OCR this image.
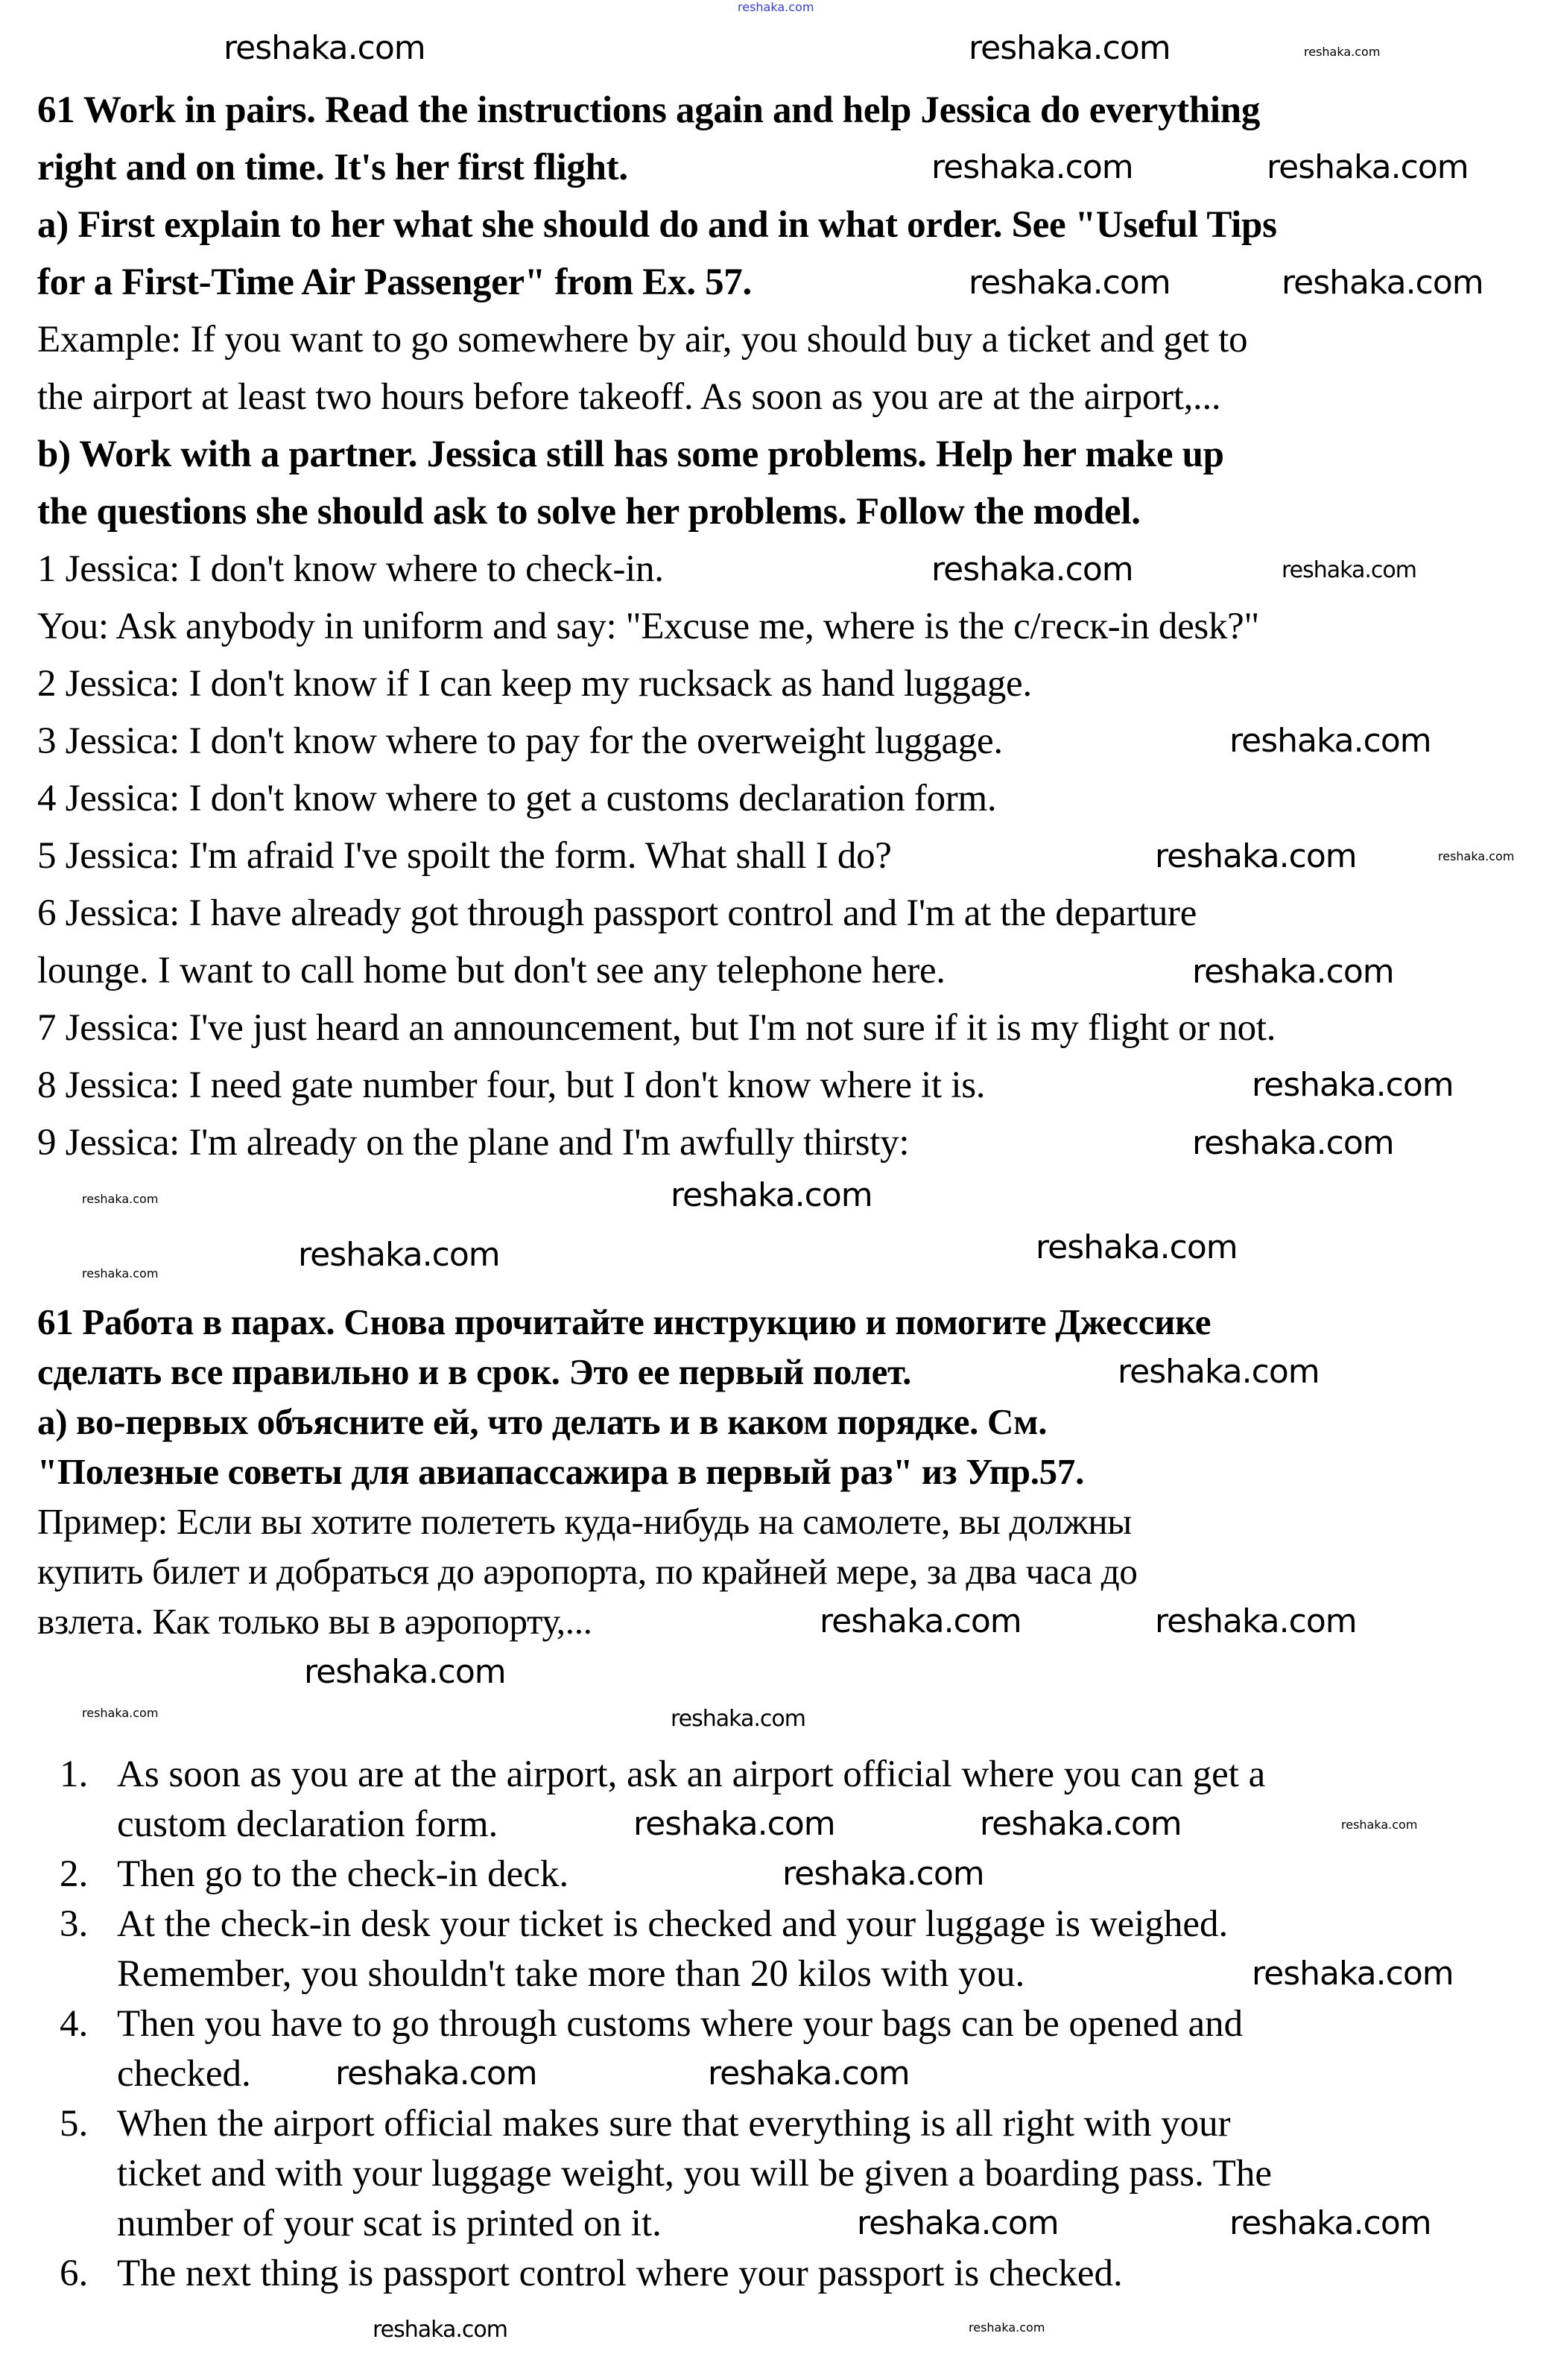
reshaka.com
61 Work in pairs. Read the instructions again and help Jessica do everything
right and on time. It's her first flight.
a) First explain to her what she should do and in what order. See "Useful Tips
for a First-Time Air Passenger" from Ex. 57.
Example: If you want to go somewhere by air, you should buy a ticket and get to
the airport at least two hours before takeoff. As soon as you are at the airport,...
b) Work with a partner. Jessica still has some problems. Help her make up
the questions she should ask to solve her problems. Follow the model.
1 Jessica: I don't know where to check-in.
You: Ask anybody in uniform and say: "Excuse me, where is the с/геск-in desk?"
2 Jessica: I don't know if I can keep my rucksack as hand luggage.
3 Jessica: I don't know where to pay for the overweight luggage.
4 Jessica: I don't know where to get a customs declaration form.
5 Jessica: I'm afraid I've spoilt the form. What shall I do?
6 Jessica: I have already got through passport control and I'm at the departure
lounge. I want to call home but don't see any telephone here.
7 Jessica: I've just heard an announcement, but I'm not sure if it is my flight or not.
8 Jessica: I need gate number four, but I don't know where it is.
9 Jessica: I'm already on the plane and I'm awfully thirsty:
61 Работа в парах. Снова прочитайте инструкцию и помогите Джессике
сделать все правильно и в срок. Это ее первый полет.
а) во-первых объясните ей, что делать и в каком порядке. См.
"Полезные советы для авиапассажира в первый раз" из Упр.57.
Пример: Если вы хотите полететь куда-нибудь на самолете, вы должны
купить билет и добраться до аэропорта, по крайней мере, за два часа до
взлета. Как только вы в аэропорту,...
1. As soon as you are at the airport, ask an airport official where you can get a
custom declaration form.
2. Then go to the check-in deck.
3. At the check-in desk your ticket is checked and your luggage is weighed.
Remember, you shouldn't take more than 20 kilos with you.
4. Then you have to go through customs where your bags can be opened and
checked.
5. When the airport official makes sure that everything is all right with your
ticket and with your luggage weight, you will be given a boarding pass. The
number of your scat is printed on it.
6. The next thing is passport control where your passport is checked.
reshaka.com	reshaka.com	reshaka.com
reshaka.com	reshaka.com
reshaka.com	reshaka.com
reshaka.com	reshaka.com
reshaka.com
reshaka.com	reshaka.com
reshaka.com
reshaka.com
reshaka.com
reshaka.com
reshaka.com	reshaka.com
reshaka.com
reshaka.com
reshaka.com
reshaka.com	reshaka.com
reshaka.com
reshaka.com	reshaka.com
reshaka.com	reshaka.com	reshaka.com
reshaka.com
reshaka.com
reshaka.com	reshaka.com
reshaka.com	reshaka.com
reshaka.com	reshaka.com
